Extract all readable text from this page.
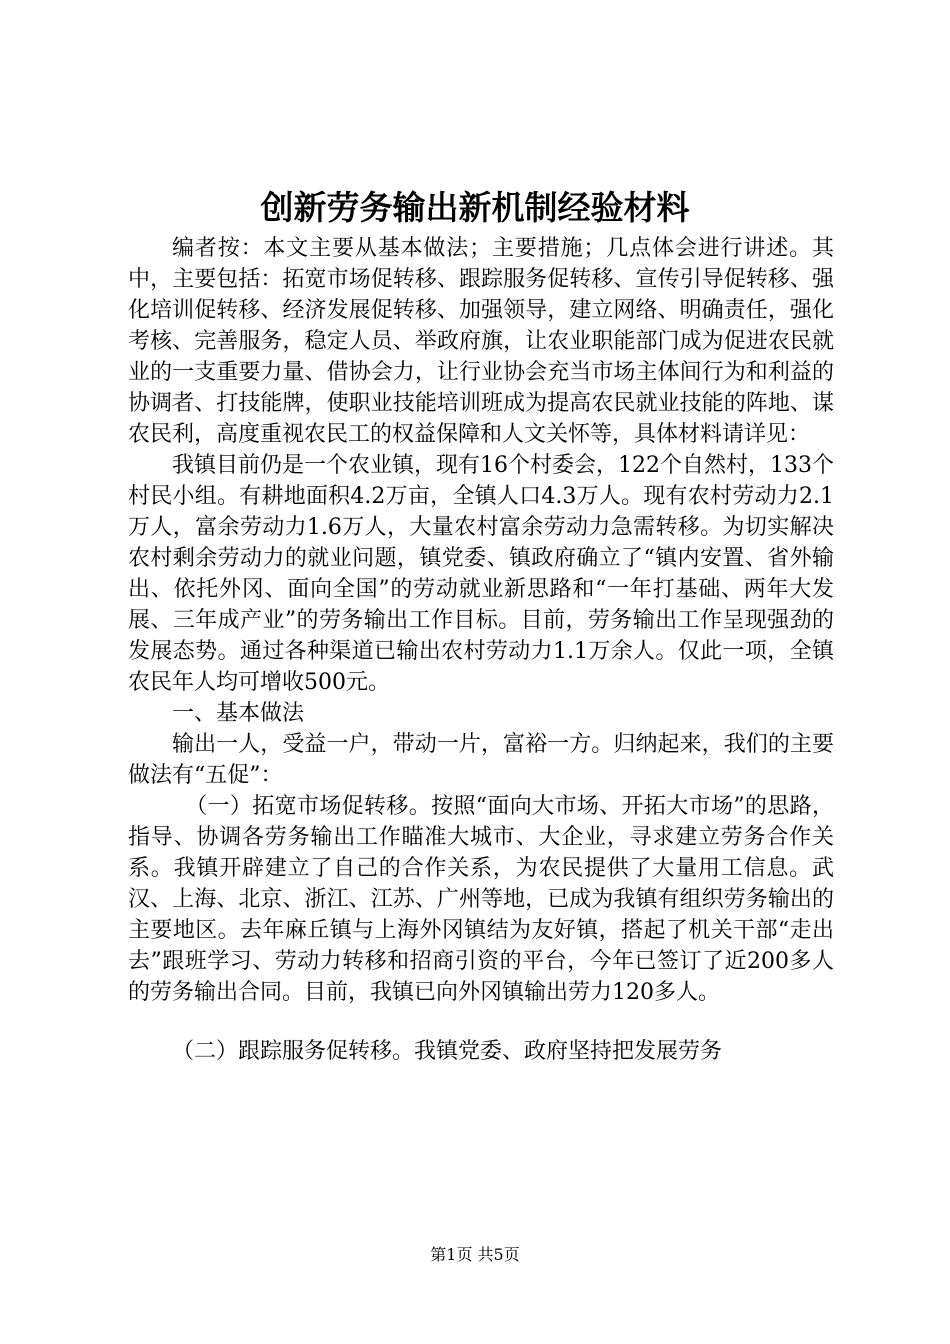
创新劳务输出新机制经验材料

编者按：本文主要从基本做法；主要措施；几点体会进行讲述。其中，主要包括：拓宽市场促转移、跟踪服务促转移、宣传引导促转移、强化培训促转移、经济发展促转移、加强领导，建立网络、明确责任，强化考核、完善服务，稳定人员、举政府旗，让农业职能部门成为促进农民就业的一支重要力量、借协会力，让行业协会充当市场主体间行为和利益的协调者、打技能牌，使职业技能培训班成为提高农民就业技能的阵地、谋农民利，高度重视农民工的权益保障和人文关怀等，具体材料请详见：

我镇目前仍是一个农业镇，现有16个村委会，122个自然村，133个村民小组。有耕地面积4.2万亩，全镇人口4.3万人。现有农村劳动力2.1万人，富余劳动力1.6万人，大量农村富余劳动力急需转移。为切实解决农村剩余劳动力的就业问题，镇党委、镇政府确立了“镇内安置、省外输出、依托外冈、面向全国”的劳动就业新思路和“一年打基础、两年大发展、三年成产业”的劳务输出工作目标。目前，劳务输出工作呈现强劲的发展态势。通过各种渠道已输出农村劳动力1.1万余人。仅此一项，全镇农民年人均可增收500元。

一、基本做法

输出一人，受益一户，带动一片，富裕一方。归纳起来，我们的主要做法有“五促”：

（一）拓宽市场促转移。按照“面向大市场、开拓大市场”的思路，指导、协调各劳务输出工作瞄准大城市、大企业，寻求建立劳务合作关系。我镇开辟建立了自己的合作关系，为农民提供了大量用工信息。武汉、上海、北京、浙江、江苏、广州等地，已成为我镇有组织劳务输出的主要地区。去年麻丘镇与上海外冈镇结为友好镇，搭起了机关干部“走出去”跟班学习、劳动力转移和招商引资的平台，今年已签订了近200多人的劳务输出合同。目前，我镇已向外冈镇输出劳力120多人。

（二）跟踪服务促转移。我镇党委、政府坚持把发展劳务

第1页 共5页
